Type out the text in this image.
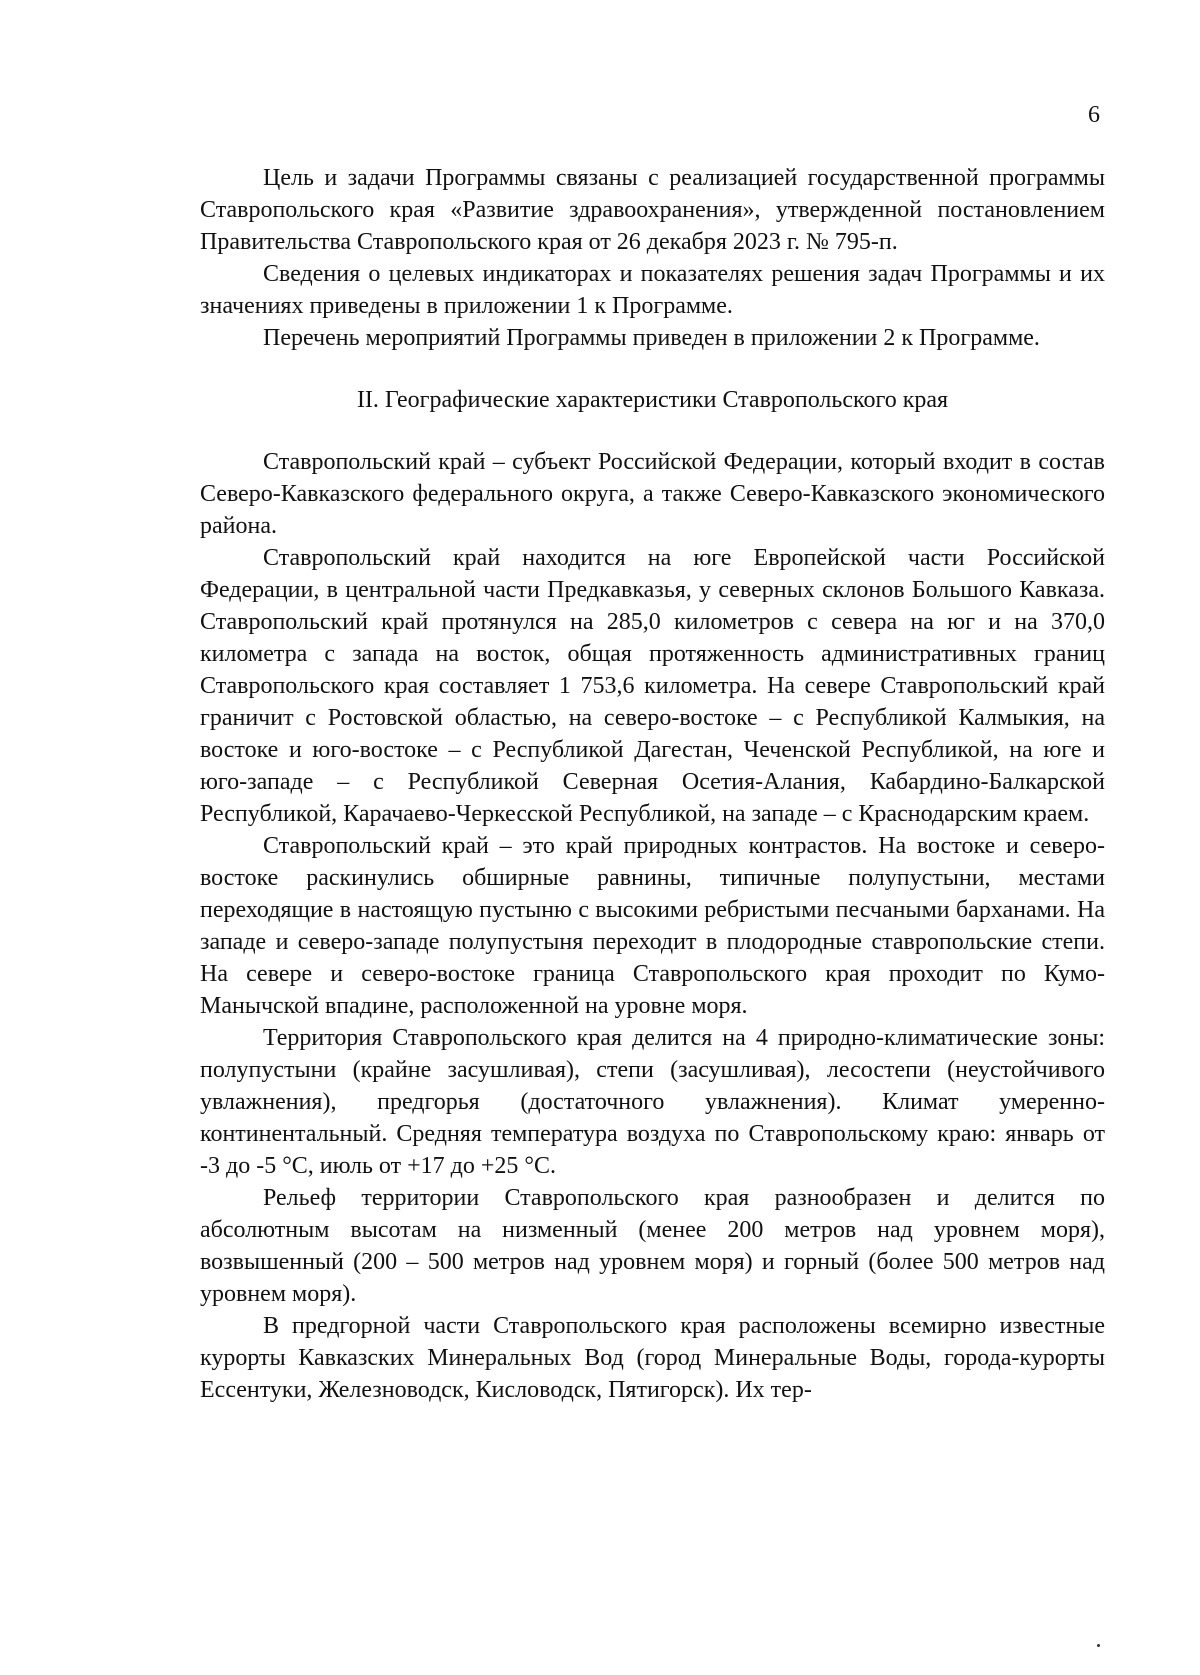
6

Цель и задачи Программы связаны с реализацией государственной программы Ставропольского края «Развитие здравоохранения», утвержденной постановлением Правительства Ставропольского края от 26 декабря 2023 г. № 795-п.

Сведения о целевых индикаторах и показателях решения задач Программы и их значениях приведены в приложении 1 к Программе.

Перечень мероприятий Программы приведен в приложении 2 к Программе.

II. Географические характеристики Ставропольского края

Ставропольский край – субъект Российской Федерации, который входит в состав Северо-Кавказского федерального округа, а также Северо-Кавказского экономического района.

Ставропольский край находится на юге Европейской части Российской Федерации, в центральной части Предкавказья, у северных склонов Большого Кавказа. Ставропольский край протянулся на 285,0 километров с севера на юг и на 370,0 километра с запада на восток, общая протяженность административных границ Ставропольского края составляет 1 753,6 километра. На севере Ставропольский край граничит с Ростовской областью, на северо-востоке – с Республикой Калмыкия, на востоке и юго-востоке – с Республикой Дагестан, Чеченской Республикой, на юге и юго-западе – с Республикой Северная Осетия-Алания, Кабардино-Балкарской Республикой, Карачаево-Черкесской Республикой, на западе – с Краснодарским краем.

Ставропольский край – это край природных контрастов. На востоке и северо-востоке раскинулись обширные равнины, типичные полупустыни, местами переходящие в настоящую пустыню с высокими ребристыми песчаными барханами. На западе и северо-западе полупустыня переходит в плодородные ставропольские степи. На севере и северо-востоке граница Ставропольского края проходит по Кумо-Манычской впадине, расположенной на уровне моря.

Территория Ставропольского края делится на 4 природно-климатические зоны: полупустыни (крайне засушливая), степи (засушливая), лесостепи (неустойчивого увлажнения), предгорья (достаточного увлажнения). Климат умеренно-континентальный. Средняя температура воздуха по Ставропольскому краю: январь от -3 до -5 °С, июль от +17 до +25 °С.

Рельеф территории Ставропольского края разнообразен и делится по абсолютным высотам на низменный (менее 200 метров над уровнем моря), возвышенный (200 – 500 метров над уровнем моря) и горный (более 500 метров над уровнем моря).

В предгорной части Ставропольского края расположены всемирно известные курорты Кавказских Минеральных Вод (город Минеральные Воды, города-курорты Ессентуки, Железноводск, Кисловодск, Пятигорск). Их тер-
